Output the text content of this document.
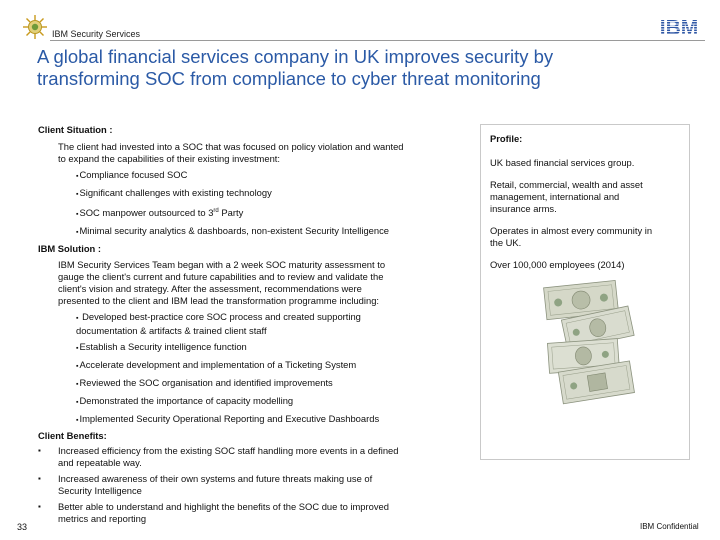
IBM Security Services	IBM
A global financial services company in UK improves security by
transforming SOC from compliance to cyber threat monitoring
Client Situation :
The client had invested into a SOC that was focused on policy violation and wanted
to expand the capabilities of their existing investment:
▪ Compliance focused SOC
▪ Significant challenges with existing technology
▪ SOC manpower outsourced to 3rd Party
▪ Minimal security analytics & dashboards, non-existent Security Intelligence
IBM Solution :
IBM Security Services Team began with a 2 week SOC maturity assessment to
gauge the client's current and future capabilities and to review and validate the
client's vision and strategy. After the assessment, recommendations were
presented to the client and IBM lead the transformation programme including:
▪ Developed best-practice core SOC process and created supporting
documentation & artifacts & trained client staff
▪ Establish a Security intelligence function
▪ Accelerate development and implementation of a Ticketing System
▪ Reviewed the SOC organisation and identified improvements
▪ Demonstrated the importance of capacity modelling
▪ Implemented Security Operational Reporting and Executive Dashboards
Client Benefits:
▪ Increased efficiency from the existing SOC staff handling more events in a defined
and repeatable way.
▪ Increased awareness of their own systems and future threats making use of
Security Intelligence
▪ Better able to understand and highlight the benefits of the SOC due to improved
metrics and reporting
Profile:
UK based financial services group.
Retail, commercial, wealth and asset
management, international and
insurance arms.
Operates in almost every community in
the UK.
Over 100,000 employees (2014)
33	IBM Confidential
